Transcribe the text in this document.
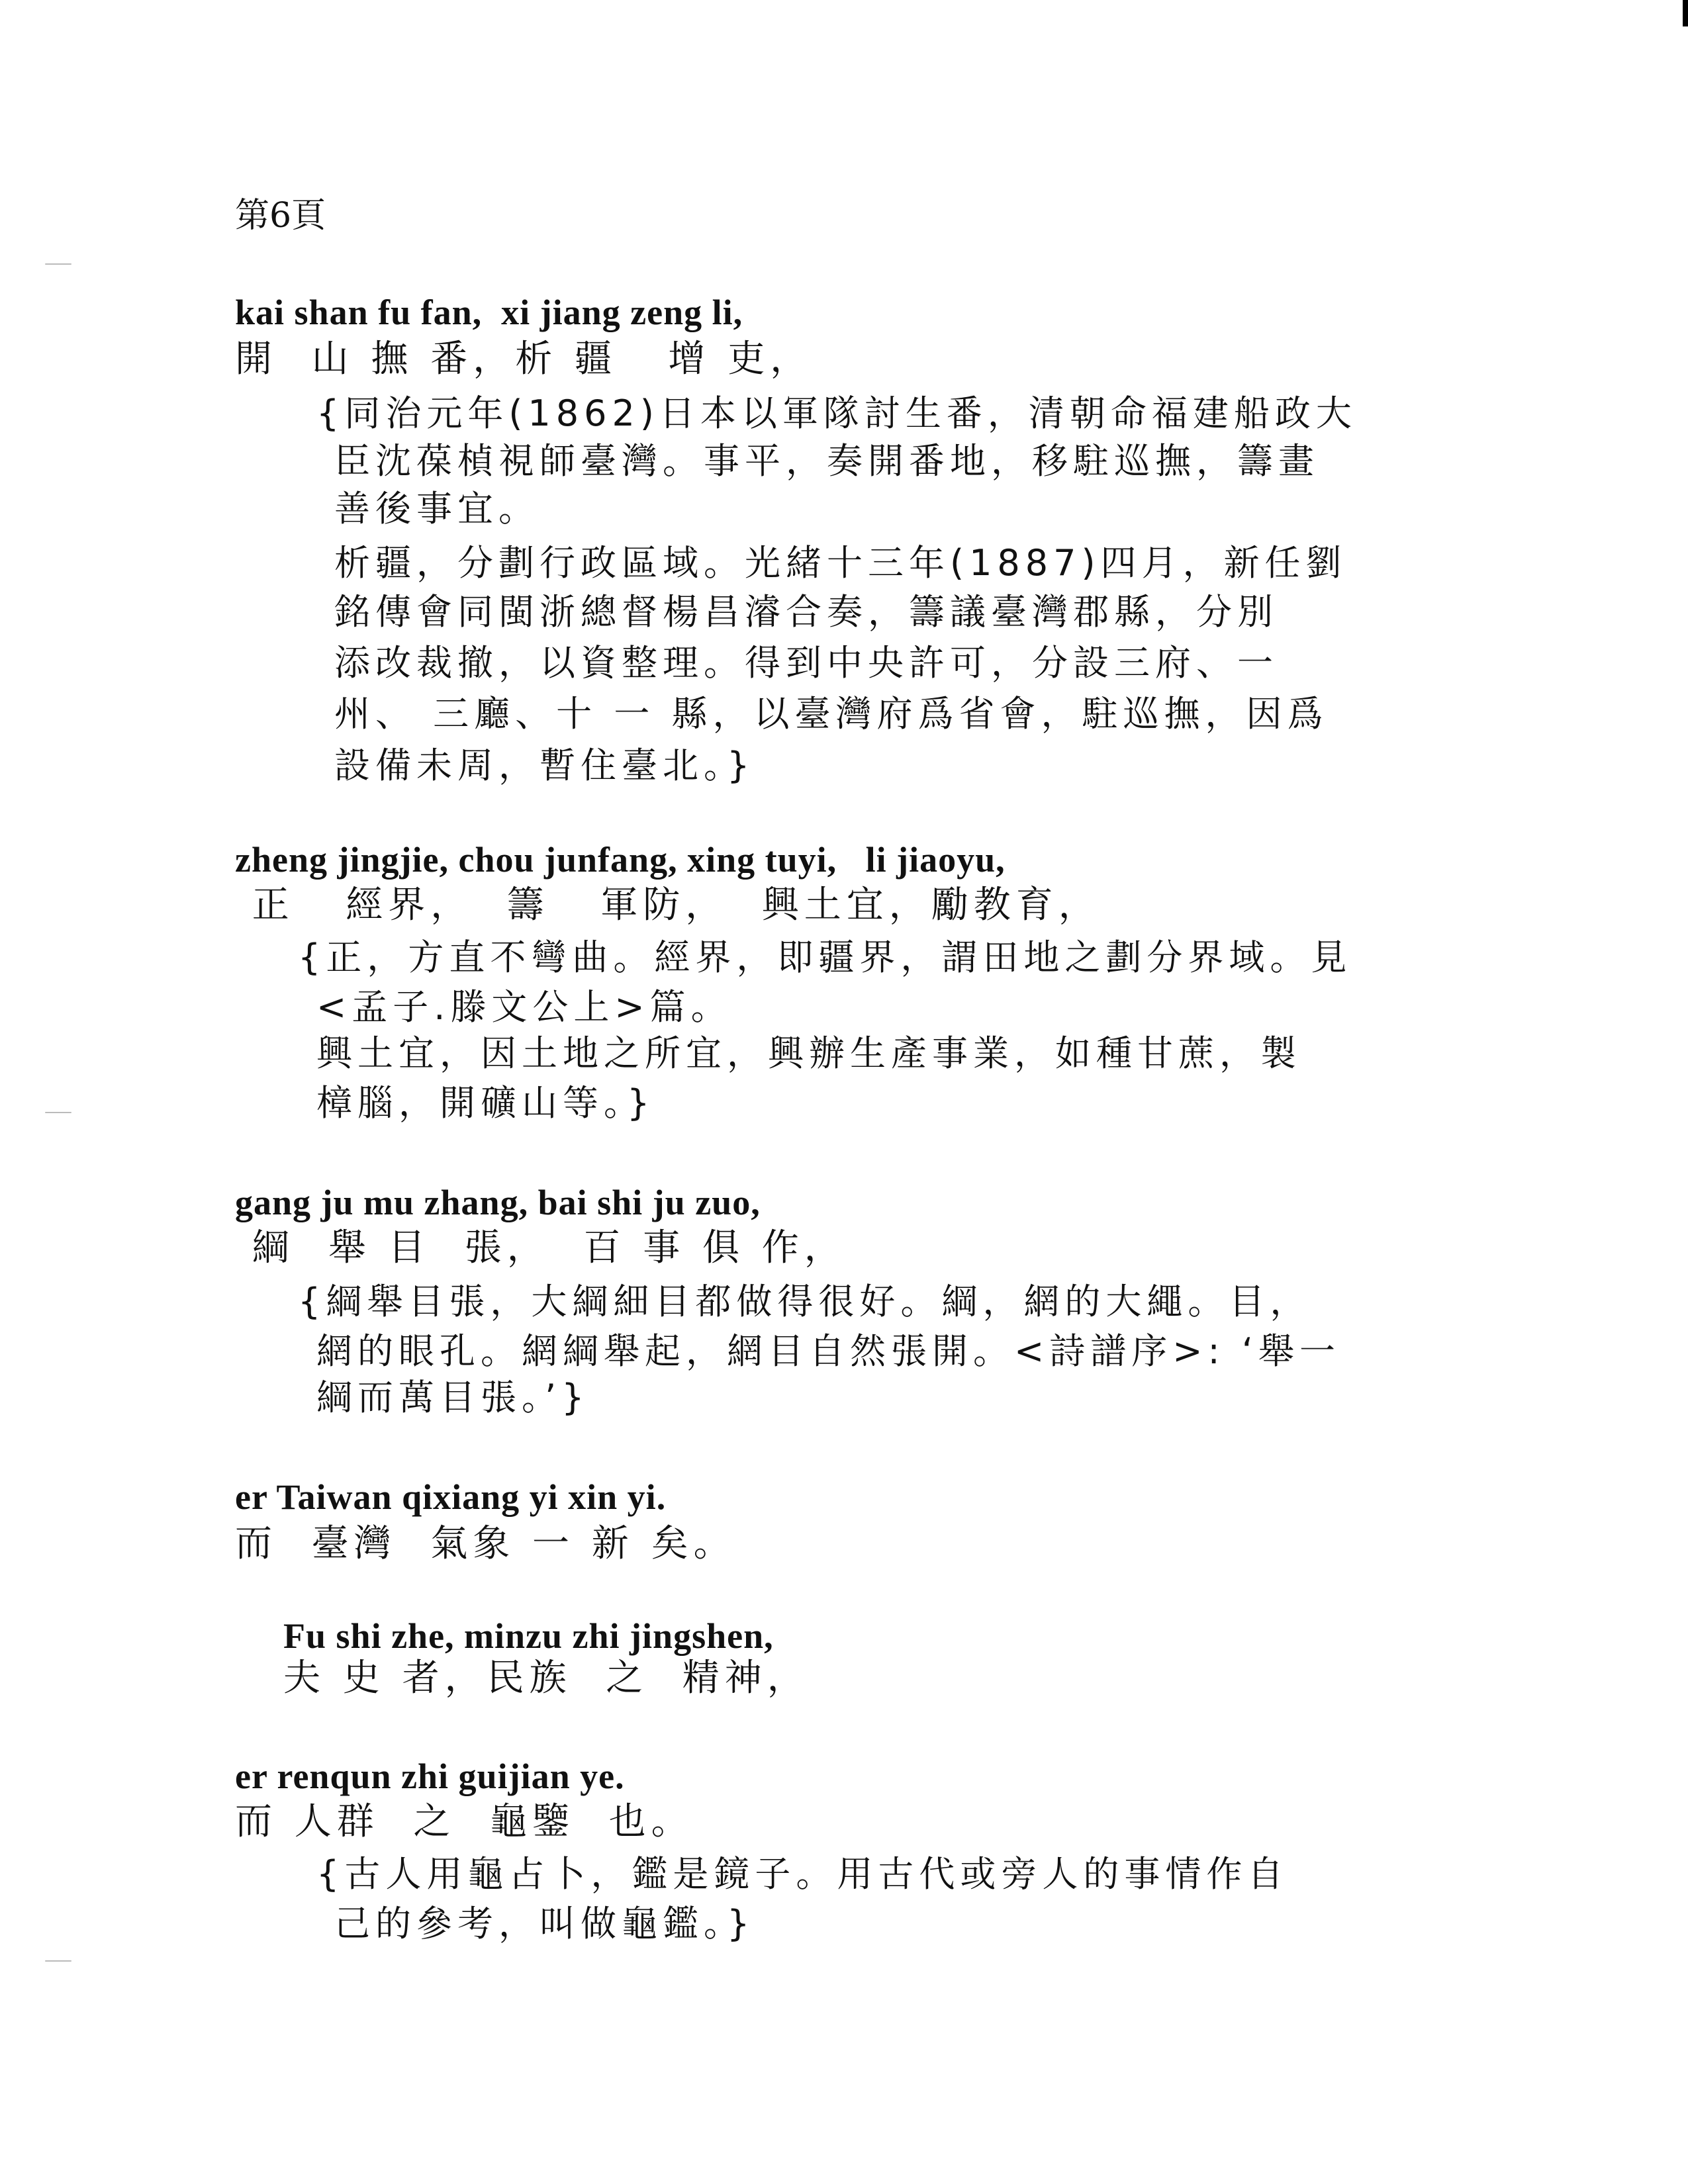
第6頁
kai shan fu fan,  xi jiang zeng li,
開  山 撫 番，析 疆   增 吏，
{同治元年(1862)日本以軍隊討生番，清朝命福建船政大
臣沈葆楨視師臺灣。事平，奏開番地，移駐巡撫，籌畫
善後事宜。
析疆，分劃行政區域。光緒十三年(1887)四月，新任劉
銘傳會同閩浙總督楊昌濬合奏，籌議臺灣郡縣，分別
添改裁撤，以資整理。得到中央許可，分設三府、一
州、 三廳、十 一 縣，以臺灣府爲省會，駐巡撫，因爲
設備未周，暫住臺北。}
zheng jingjie, chou junfang, xing tuyi,   li jiaoyu,
正   經界，  籌   軍防，  興土宜，勵教育，
{正，方直不彎曲。經界，即疆界，謂田地之劃分界域。見
<孟子.滕文公上>篇。
興土宜，因土地之所宜，興辦生產事業，如種甘蔗，製
樟腦，開礦山等。}
gang ju mu zhang, bai shi ju zuo,
綱  舉 目  張，  百 事 俱 作，
{綱舉目張，大綱細目都做得很好。綱，網的大繩。目，
網的眼孔。網綱舉起，網目自然張開。<詩譜序>: ‘舉一
綱而萬目張。’}
er Taiwan qixiang yi xin yi.
而  臺灣  氣象 一 新 矣。
Fu shi zhe, minzu zhi jingshen,
夫 史 者，民族  之  精神，
er renqun zhi guijian ye.
而 人群  之  龜鑒  也。
{古人用龜占卜，鑑是鏡子。用古代或旁人的事情作自
己的參考，叫做龜鑑。}
